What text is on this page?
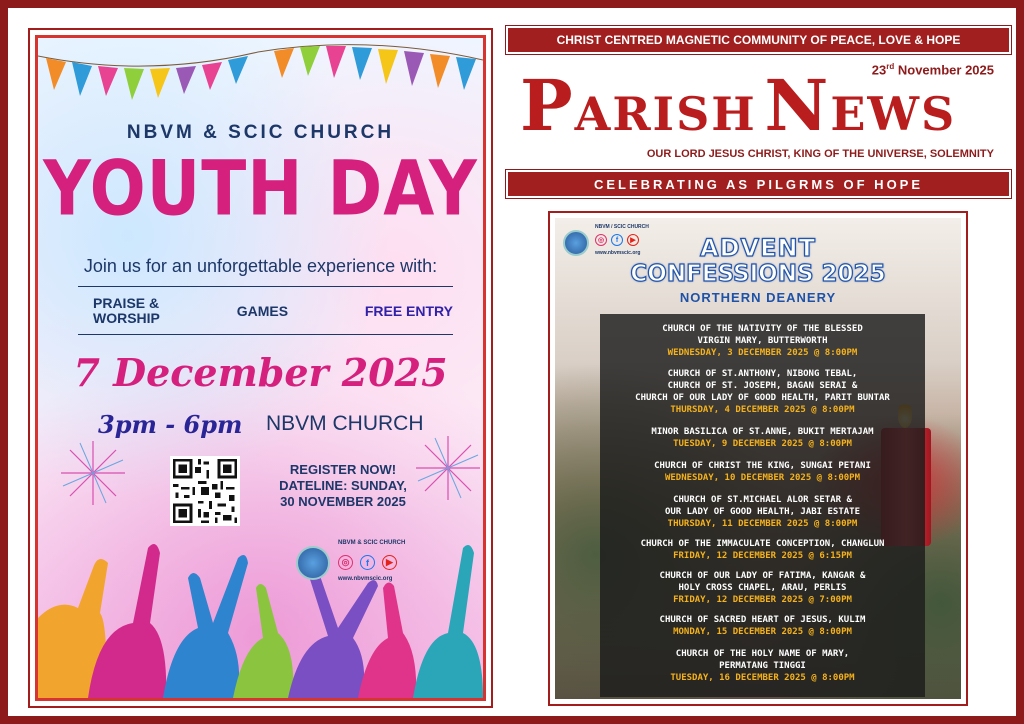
NBVM & SCIC CHURCH
YOUTH DAY
Join us for an unforgettable experience with:
PRAISE &
WORSHIP	GAMES	FREE ENTRY
7 December 2025
3pm - 6pm NBVM CHURCH
REGISTER NOW!
DATELINE: SUNDAY,
30 NOVEMBER 2025
NBVM & SCIC CHURCH
◎	f	▶
www.nbvmscic.org
CHRIST CENTRED MAGNETIC COMMUNITY OF PEACE, LOVE & HOPE
23rd November 2025
PARISH NEWS
OUR LORD JESUS CHRIST, KING OF THE UNIVERSE, SOLEMNITY
CELEBRATING AS PILGRMS OF HOPE
NBVM / SCIC CHURCH
◎	f	▶
www.nbvmscic.org	ADVENT
CONFESSIONS 2025
NORTHERN DEANERY
CHURCH OF THE NATIVITY OF THE BLESSED
VIRGIN MARY, BUTTERWORTH
WEDNESDAY, 3 DECEMBER 2025 @ 8:00PM
CHURCH OF ST.ANTHONY, NIBONG TEBAL,
CHURCH OF ST. JOSEPH, BAGAN SERAI &
CHURCH OF OUR LADY OF GOOD HEALTH, PARIT BUNTAR
THURSDAY, 4 DECEMBER 2025 @ 8:00PM
MINOR BASILICA OF ST.ANNE, BUKIT MERTAJAM
TUESDAY, 9 DECEMBER 2025 @ 8:00PM
CHURCH OF CHRIST THE KING, SUNGAI PETANI
WEDNESDAY, 10 DECEMBER 2025 @ 8:00PM
CHURCH OF ST.MICHAEL ALOR SETAR &
OUR LADY OF GOOD HEALTH, JABI ESTATE
THURSDAY, 11 DECEMBER 2025 @ 8:00PM
CHURCH OF THE IMMACULATE CONCEPTION, CHANGLUN
FRIDAY, 12 DECEMBER 2025 @ 6:15PM
CHURCH OF OUR LADY OF FATIMA, KANGAR &
HOLY CROSS CHAPEL, ARAU, PERLIS
FRIDAY, 12 DECEMBER 2025 @ 7:00PM
CHURCH OF SACRED HEART OF JESUS, KULIM
MONDAY, 15 DECEMBER 2025 @ 8:00PM
CHURCH OF THE HOLY NAME OF MARY,
PERMATANG TINGGI
TUESDAY, 16 DECEMBER 2025 @ 8:00PM
